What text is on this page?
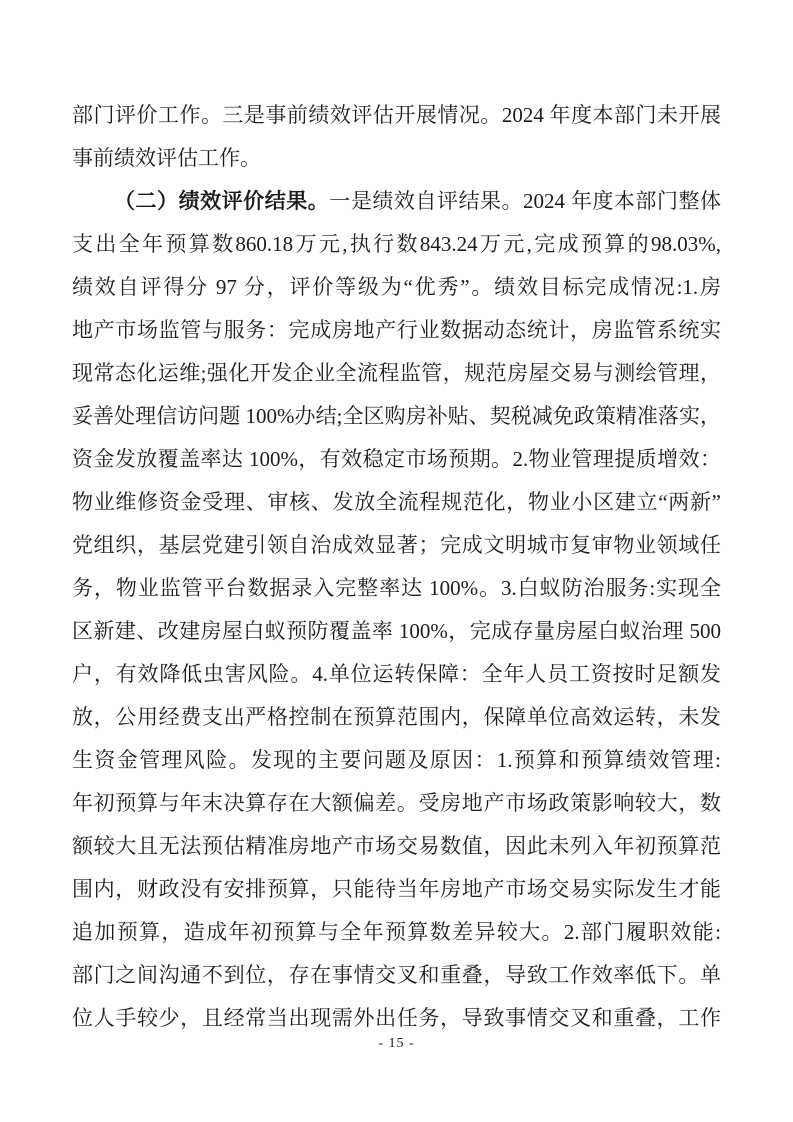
部门评价工作。三是事前绩效评估开展情况。2024 年度本部门未开展
事前绩效评估工作。
（二）绩效评价结果。一是绩效自评结果。2024 年度本部门整体
支出全年预算数860.18万元,执行数843.24万元,完成预算的98.03%,
绩效自评得分 97 分，评价等级为“优秀”。绩效目标完成情况:1.房
地产市场监管与服务：完成房地产行业数据动态统计，房监管系统实
现常态化运维;强化开发企业全流程监管，规范房屋交易与测绘管理，
妥善处理信访问题 100%办结;全区购房补贴、契税减免政策精准落实，
资金发放覆盖率达 100%，有效稳定市场预期。2.物业管理提质增效：
物业维修资金受理、审核、发放全流程规范化，物业小区建立“两新”
党组织，基层党建引领自治成效显著；完成文明城市复审物业领域任
务，物业监管平台数据录入完整率达 100%。3.白蚁防治服务:实现全
区新建、改建房屋白蚁预防覆盖率 100%，完成存量房屋白蚁治理 500
户，有效降低虫害风险。4.单位运转保障：全年人员工资按时足额发
放，公用经费支出严格控制在预算范围内，保障单位高效运转，未发
生资金管理风险。发现的主要问题及原因：1.预算和预算绩效管理:
年初预算与年末决算存在大额偏差。受房地产市场政策影响较大，数
额较大且无法预估精准房地产市场交易数值，因此未列入年初预算范
围内，财政没有安排预算，只能待当年房地产市场交易实际发生才能
追加预算，造成年初预算与全年预算数差异较大。2.部门履职效能:
部门之间沟通不到位，存在事情交叉和重叠，导致工作效率低下。单
位人手较少，且经常当出现需外出任务，导致事情交叉和重叠，工作
- 15 -
